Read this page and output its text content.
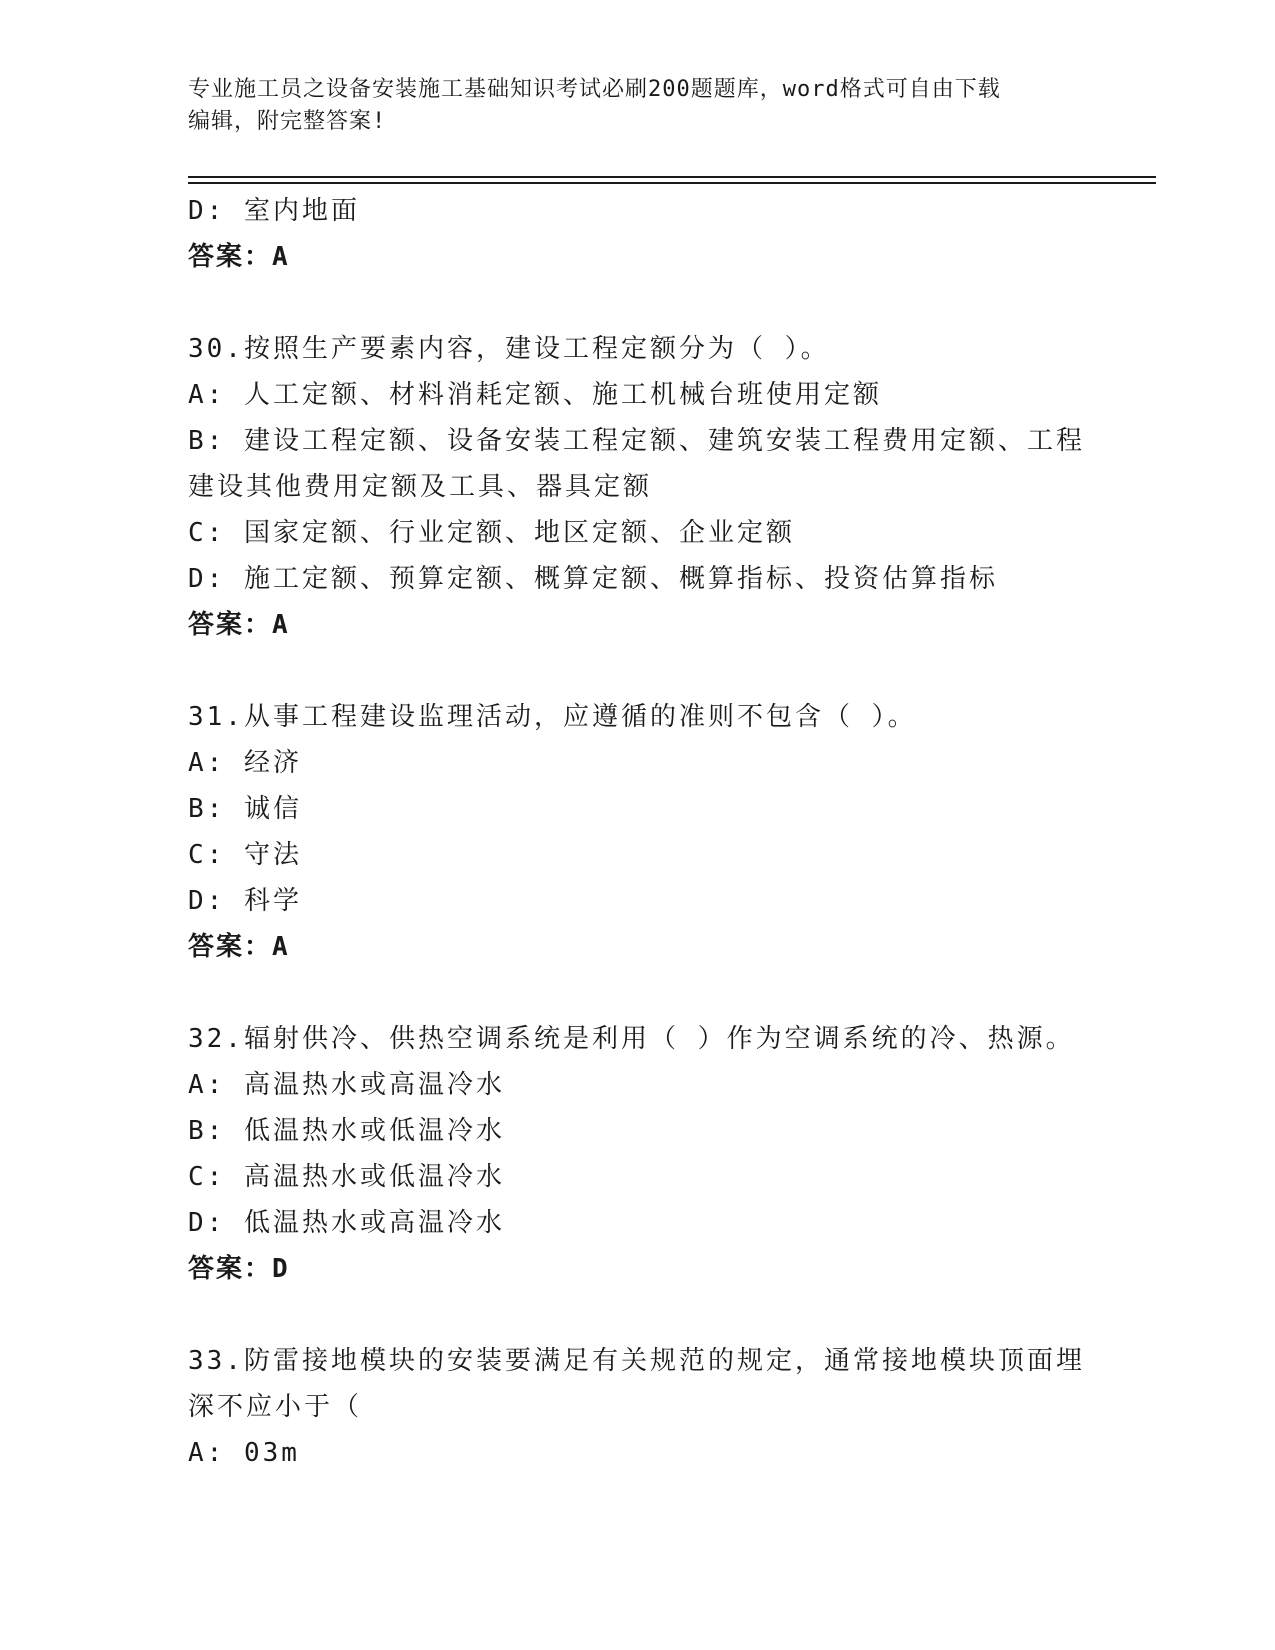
专业施工员之设备安装施工基础知识考试必刷200题题库，word格式可自由下载
编辑，附完整答案!
D: 室内地面
答案：A
30.按照生产要素内容，建设工程定额分为（ ）。
A: 人工定额、材料消耗定额、施工机械台班使用定额
B: 建设工程定额、设备安装工程定额、建筑安装工程费用定额、工程
建设其他费用定额及工具、器具定额
C: 国家定额、行业定额、地区定额、企业定额
D: 施工定额、预算定额、概算定额、概算指标、投资估算指标
答案：A
31.从事工程建设监理活动，应遵循的准则不包含（ ）。
A: 经济
B: 诚信
C: 守法
D: 科学
答案：A
32.辐射供冷、供热空调系统是利用（ ）作为空调系统的冷、热源。
A: 高温热水或高温冷水
B: 低温热水或低温冷水
C: 高温热水或低温冷水
D: 低温热水或高温冷水
答案：D
33.防雷接地模块的安装要满足有关规范的规定，通常接地模块顶面埋
深不应小于（
A: 03m
